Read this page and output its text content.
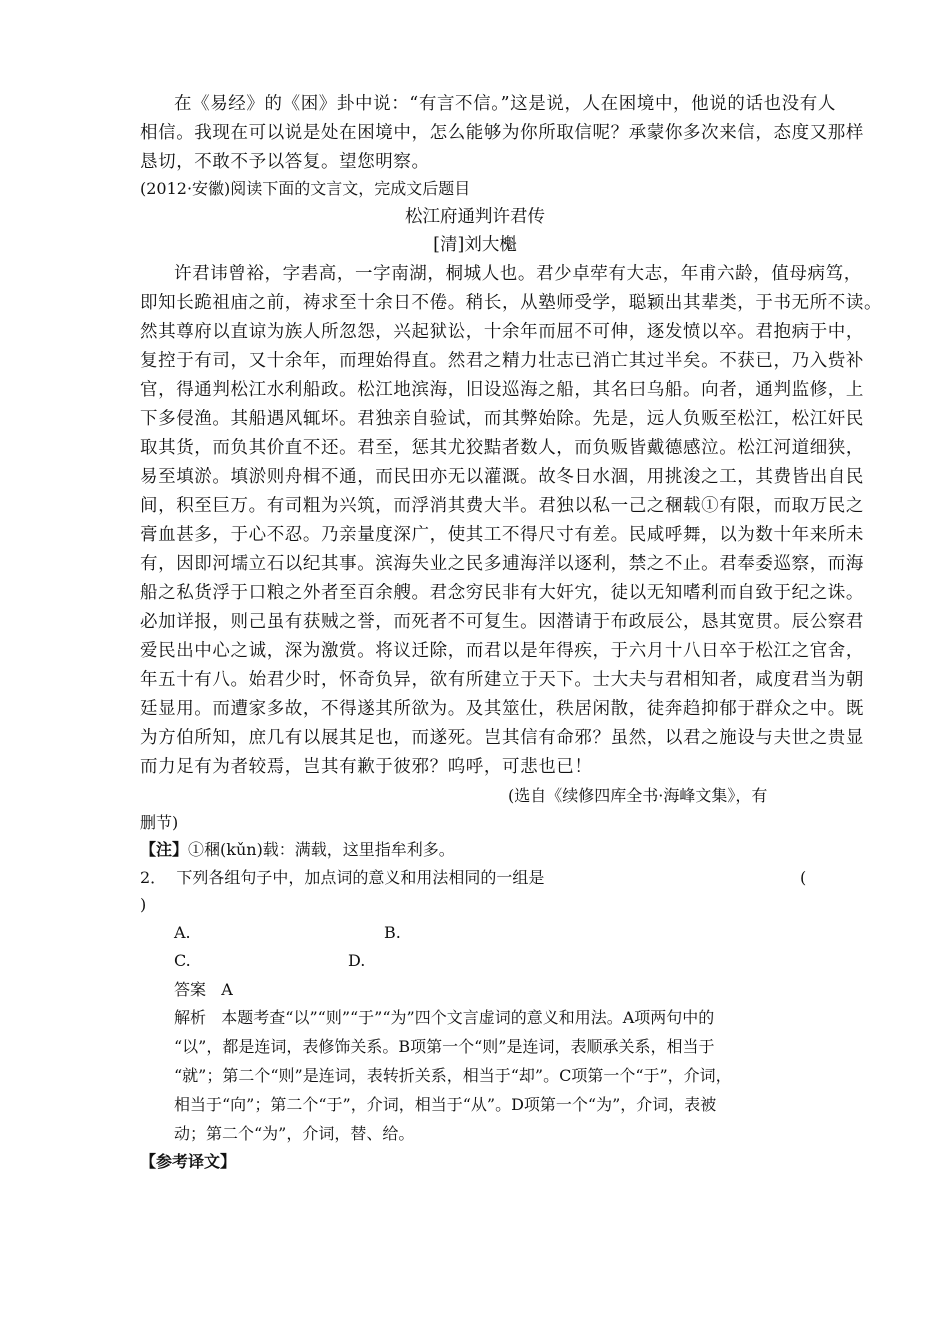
在《易经》的《困》卦中说：“有言不信。”这是说，人在困境中，他说的话也没有人
相信。我现在可以说是处在困境中，怎么能够为你所取信呢？承蒙你多次来信，态度又那样
恳切，不敢不予以答复。望您明察。
(2012·安徽)阅读下面的文言文，完成文后题目
松江府通判许君传
[清]刘大櫆
许君讳曾裕，字砉高，一字南湖，桐城人也。君少卓荦有大志，年甫六龄，值母病笃，
即知长跪祖庙之前，祷求至十余日不倦。稍长，从塾师受学，聪颖出其辈类，于书无所不读。
然其尊府以直谅为族人所忽怨，兴起狱讼，十余年而屈不可伸，逐发愤以卒。君抱病于中，
复控于有司，又十余年，而理始得直。然君之精力壮志已消亡其过半矣。不获已，乃入赀补
官，得通判松江水利船政。松江地滨海，旧设巡海之船，其名曰乌船。向者，通判监修，上
下多侵渔。其船遇风辄坏。君独亲自验试，而其弊始除。先是，远人负贩至松江，松江奸民
取其货，而负其价直不还。君至，惩其尤狡黠者数人，而负贩皆戴德感泣。松江河道细狭，
易至填淤。填淤则舟楫不通，而民田亦无以灌溉。故冬日水涸，用挑浚之工，其费皆出自民
间，积至巨万。有司粗为兴筑，而浮消其费大半。君独以私一己之稛载①有限，而取万民之
膏血甚多，于心不忍。乃亲量度深广，使其工不得尺寸有差。民咸呼舞，以为数十年来所未
有，因即河壖立石以纪其事。滨海失业之民多逋海洋以逐利，禁之不止。君奉委巡察，而海
船之私货浮于口粮之外者至百余艘。君念穷民非有大奸宄，徒以无知嗜利而自致于纪之诛。
必加详报，则己虽有获贼之誉，而死者不可复生。因潜请于布政辰公，恳其宽贯。辰公察君
爱民出中心之诚，深为激赏。将议迁除，而君以是年得疾，于六月十八日卒于松江之官舍，
年五十有八。始君少时，怀奇负异，欲有所建立于天下。士大夫与君相知者，咸度君当为朝
廷显用。而遭家多故，不得遂其所欲为。及其筮仕，秩居闲散，徒奔趋抑郁于群众之中。既
为方伯所知，庶几有以展其足也，而遂死。岂其信有命邪？虽然，以君之施设与夫世之贵显
而力足有为者较焉，岂其有歉于彼邪？呜呼，可悲也已！
(选自《续修四库全书·海峰文集》，有
删节)
【注】①稛(kǔn)载：满载，这里指牟利多。
2． 下列各组句子中，加点词的意义和用法相同的一组是	(
)
A.	B.
C.	D.
答案 A
解析 本题考查“以”“则”“于”“为”四个文言虚词的意义和用法。A项两句中的
“以”，都是连词，表修饰关系。B项第一个“则”是连词，表顺承关系，相当于
“就”；第二个“则”是连词，表转折关系，相当于“却”。C项第一个“于”，介词，
相当于“向”；第二个“于”，介词，相当于“从”。D项第一个“为”，介词，表被
动；第二个“为”，介词，替、给。
【参考译文】
